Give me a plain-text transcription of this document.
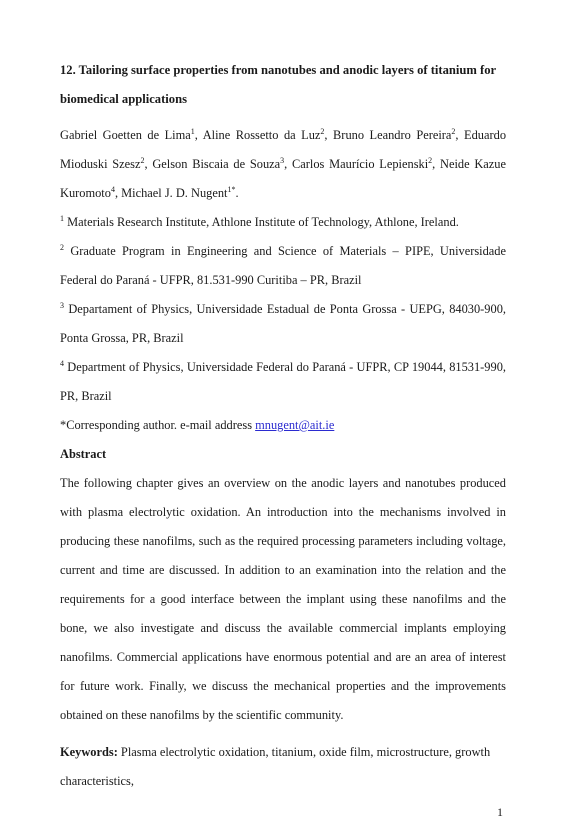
12. Tailoring surface properties from nanotubes and anodic layers of titanium for biomedical applications
Gabriel Goetten de Lima$^1$, Aline Rossetto da Luz$^2$, Bruno Leandro Pereira$^2$, Eduardo Mioduski Szesz$^2$, Gelson Biscaia de Souza$^3$, Carlos Maurício Lepienski$^2$, Neide Kazue Kuromoto$^4$, Michael J. D. Nugent$^{1*}$.
$^1$ Materials Research Institute, Athlone Institute of Technology, Athlone, Ireland.
$^2$ Graduate Program in Engineering and Science of Materials – PIPE, Universidade Federal do Paraná - UFPR, 81.531-990 Curitiba – PR, Brazil
$^3$ Departament of Physics, Universidade Estadual de Ponta Grossa - UEPG, 84030-900, Ponta Grossa, PR, Brazil
$^4$ Department of Physics, Universidade Federal do Paraná - UFPR, CP 19044, 81531-990, PR, Brazil
*Corresponding author. e-mail address mnugent@ait.ie
Abstract
The following chapter gives an overview on the anodic layers and nanotubes produced with plasma electrolytic oxidation. An introduction into the mechanisms involved in producing these nanofilms, such as the required processing parameters including voltage, current and time are discussed. In addition to an examination into the relation and the requirements for a good interface between the implant using these nanofilms and the bone, we also investigate and discuss the available commercial implants employing nanofilms. Commercial applications have enormous potential and are an area of interest for future work. Finally, we discuss the mechanical properties and the improvements obtained on these nanofilms by the scientific community.
Keywords: Plasma electrolytic oxidation, titanium, oxide film, microstructure, growth characteristics,
1
